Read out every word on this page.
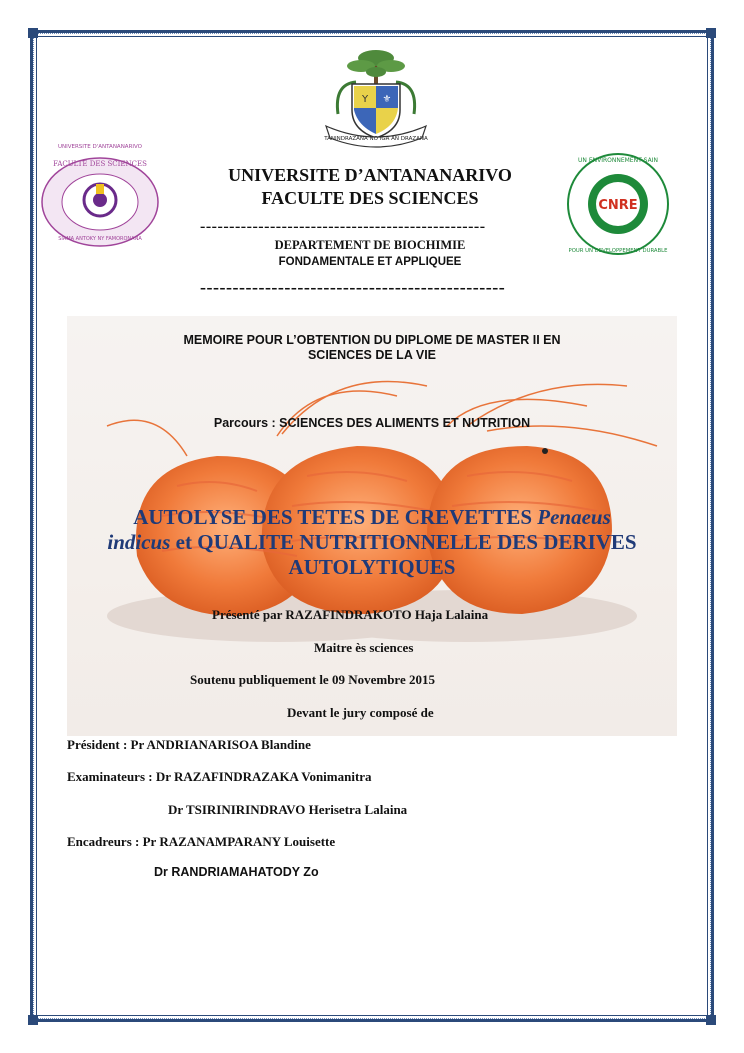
Y ⚜
TANINDRAZANA NO IGA AN DRAZANA
UNIVERSITE D'ANTANANARIVO
FACULTE DES SCIENCES
SIAMA ANTOKY NY FAMORONANA
CNRE
UN ENVIRONNEMENT SAIN
POUR UN DEVELOPPEMENT DURABLE
UNIVERSITE D’ANTANANARIVO
FACULTE DES SCIENCES
-------------------------------------------------
DEPARTEMENT DE BIOCHIMIE
FONDAMENTALE ET APPLIQUEE
-----------------------------------------------
MEMOIRE POUR L’OBTENTION DU DIPLOME DE MASTER II EN
SCIENCES DE LA VIE
Parcours : SCIENCES DES ALIMENTS ET NUTRITION
AUTOLYSE DES TETES DE CREVETTES Penaeus
indicus et QUALITE NUTRITIONNELLE DES DERIVES
AUTOLYTIQUES
Présenté par RAZAFINDRAKOTO Haja Lalaina
Maitre ès sciences
Soutenu publiquement le 09 Novembre 2015
Devant le jury composé de
Président : Pr ANDRIANARISOA Blandine
Examinateurs : Dr RAZAFINDRAZAKA Vonimanitra
Dr TSIRINIRINDRAVO Herisetra Lalaina
Encadreurs : Pr RAZANAMPARANY Louisette
Dr RANDRIAMAHATODY Zo
